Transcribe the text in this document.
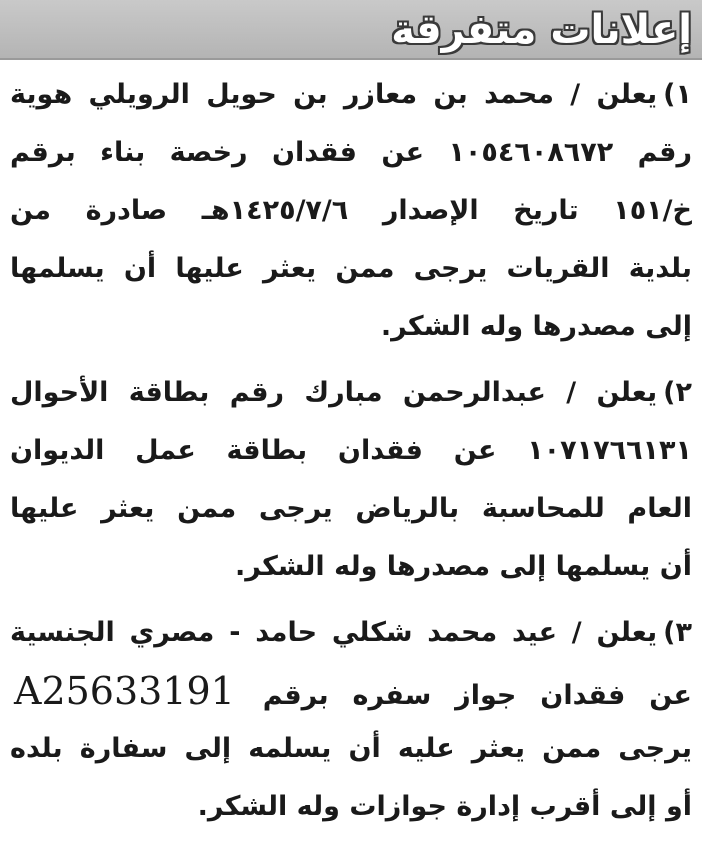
إعلانات متفرقة
١)يعلن / محمد بن معازر بن حويل الرويلي هوية
رقم ١٠٥٤٦٠٨٦٧٢ عن فقدان رخصة بناء برقم
خ/١٥١ تاريخ الإصدار ١٤٢٥/٧/٦هـ صادرة من
بلدية القريات يرجى ممن يعثر عليها أن يسلمها
إلى مصدرها وله الشكر.
٢)يعلن / عبدالرحمن مبارك رقم بطاقة الأحوال
١٠٧١٧٦٦١٣١ عن فقدان بطاقة عمل الديوان
العام للمحاسبة بالرياض يرجى ممن يعثر عليها
أن يسلمها إلى مصدرها وله الشكر.
٣)يعلن / عيد محمد شكلي حامد - مصري الجنسية
عن فقدان جواز سفره برقم A25633191
يرجى ممن يعثر عليه أن يسلمه إلى سفارة بلده
أو إلى أقرب إدارة جوازات وله الشكر.
